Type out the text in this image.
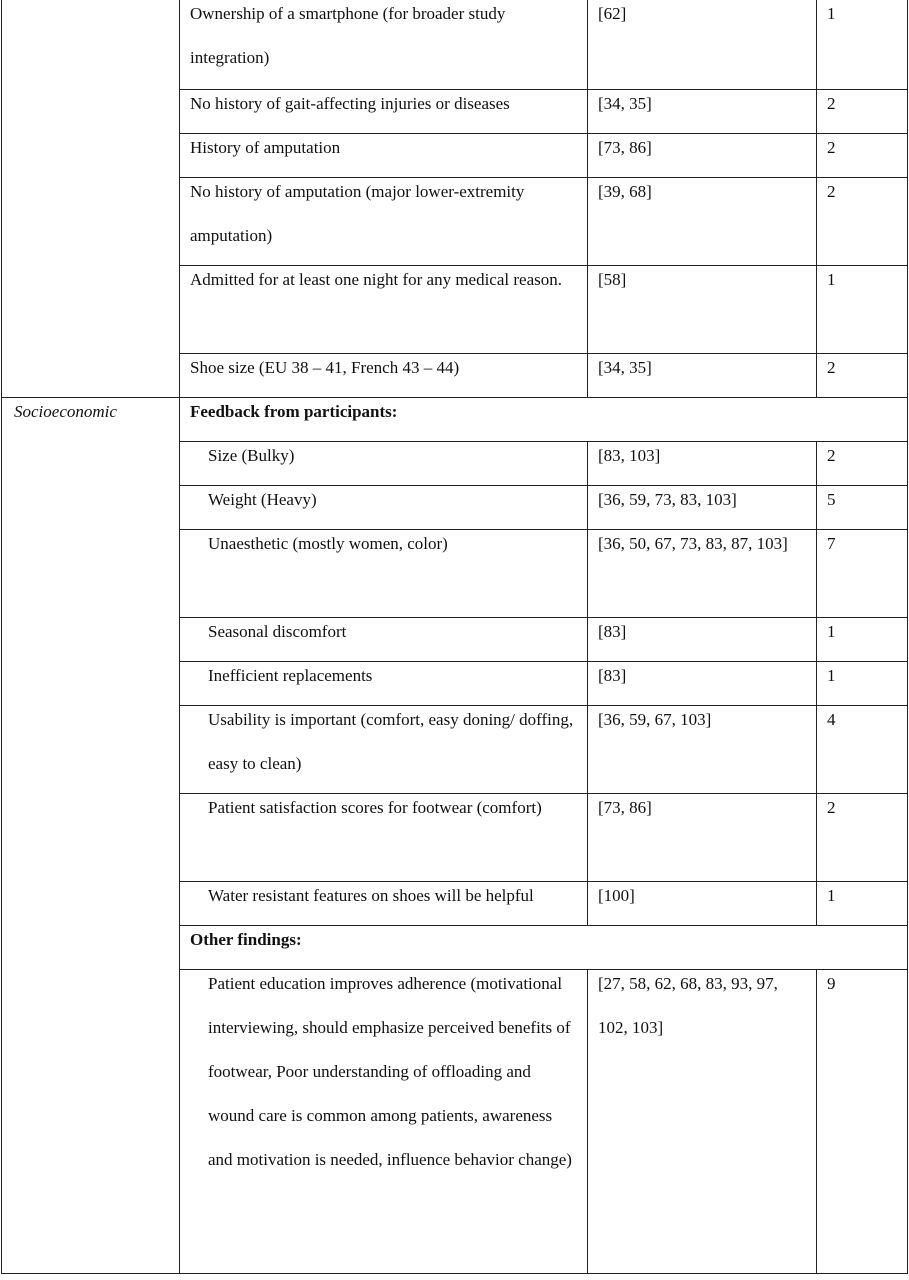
	Ownership of a smartphone (for broader study integration)	[62]	1

	No history of gait-affecting injuries or diseases	[34, 35]	2

	History of amputation	[73, 86]	2

	No history of amputation (major lower-extremity amputation)	[39, 68]	2

	Admitted for at least one night for any medical reason.	[58]	1

	Shoe size (EU 38 – 41, French 43 – 44)	[34, 35]	2

Socioeconomic	Feedback from participants:		

	Size (Bulky)	[83, 103]	2

	Weight (Heavy)	[36, 59, 73, 83, 103]	5

	Unaesthetic (mostly women, color)	[36, 50, 67, 73, 83, 87, 103]	7

	Seasonal discomfort	[83]	1

	Inefficient replacements	[83]	1

	Usability is important (comfort, easy doning/ doffing, easy to clean)	[36, 59, 67, 103]	4

	Patient satisfaction scores for footwear (comfort)	[73, 86]	2

	Water resistant features on shoes will be helpful	[100]	1

	Other findings:		

	Patient education improves adherence (motivational interviewing, should emphasize perceived benefits of footwear, Poor understanding of offloading and wound care is common among patients, awareness and motivation is needed, influence behavior change)	[27, 58, 62, 68, 83, 93, 97, 102, 103]	9
